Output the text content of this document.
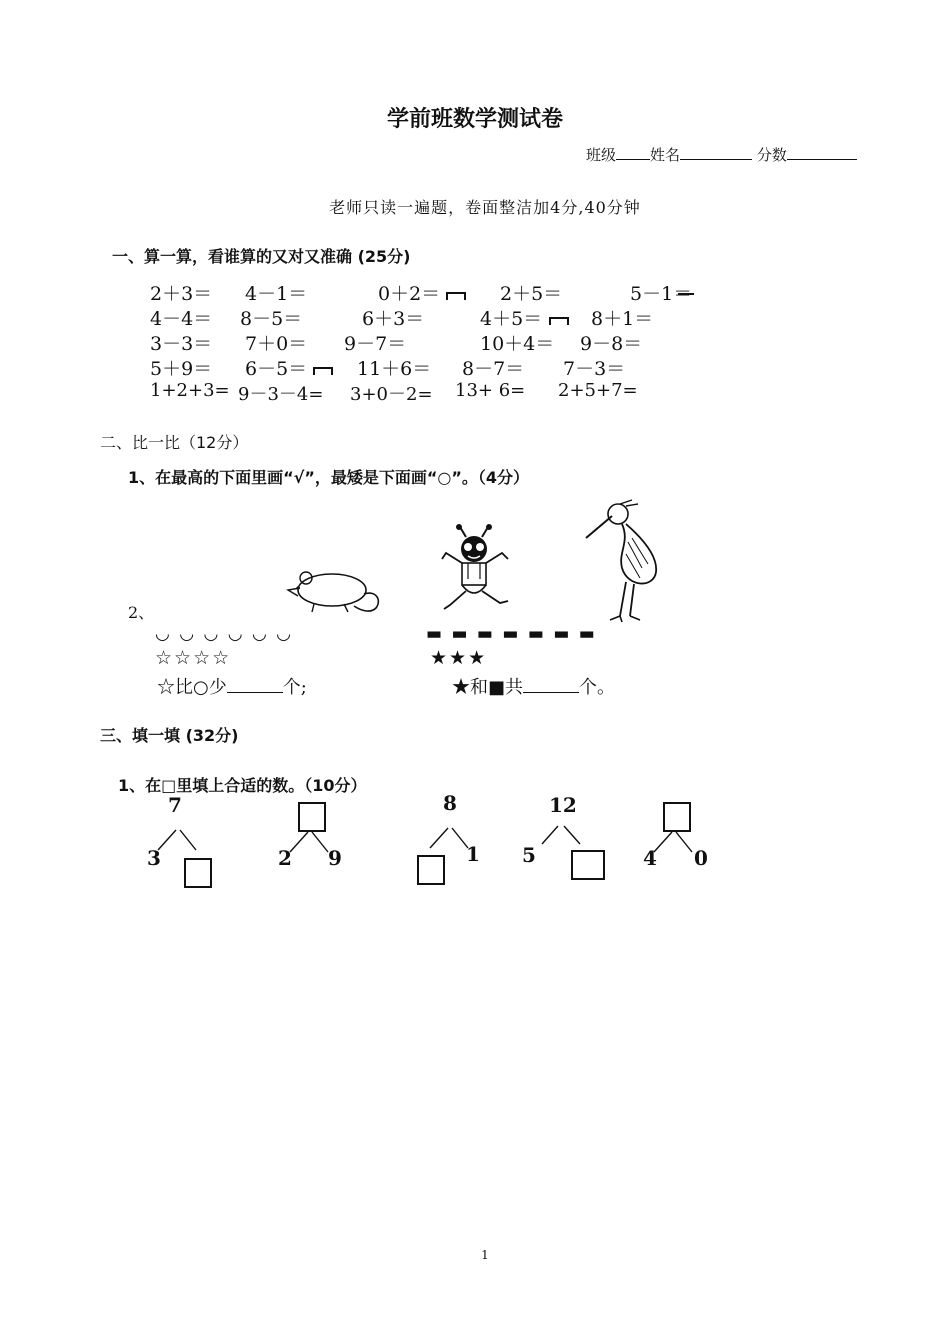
学前班数学测试卷
班级 姓名	分数
老师只读一遍题，卷面整洁加4分,40分钟
一、算一算，看谁算的又对又准确 (25分)
2＋3＝ 4－1＝	0＋2＝	2＋5＝	5－1＝
4－4＝ 8－5＝	6＋3＝	4＋5＝	8＋1＝
3－3＝ 7＋0＝ 9－7＝	10＋4＝ 9－8＝
5＋9＝ 6－5＝	11＋6＝ 8－7＝ 7－3＝
1+2+3= 9－3－4= 3+0－2= 13+ 6= 2+5+7=
二、比一比（12分）
1、在最高的下面里画“√”，最矮是下面画“○”。（4分）
2、
◡ ◡ ◡ ◡ ◡ ◡	▬ ▬ ▬ ▬ ▬ ▬ ▬
☆☆☆☆	★★★
☆比○少	个;	★和■共	个。
三、填一填 (32分)
1、在□里填上合适的数。（10分）
7
3	2 9
8
1
12
5	4 0
1
